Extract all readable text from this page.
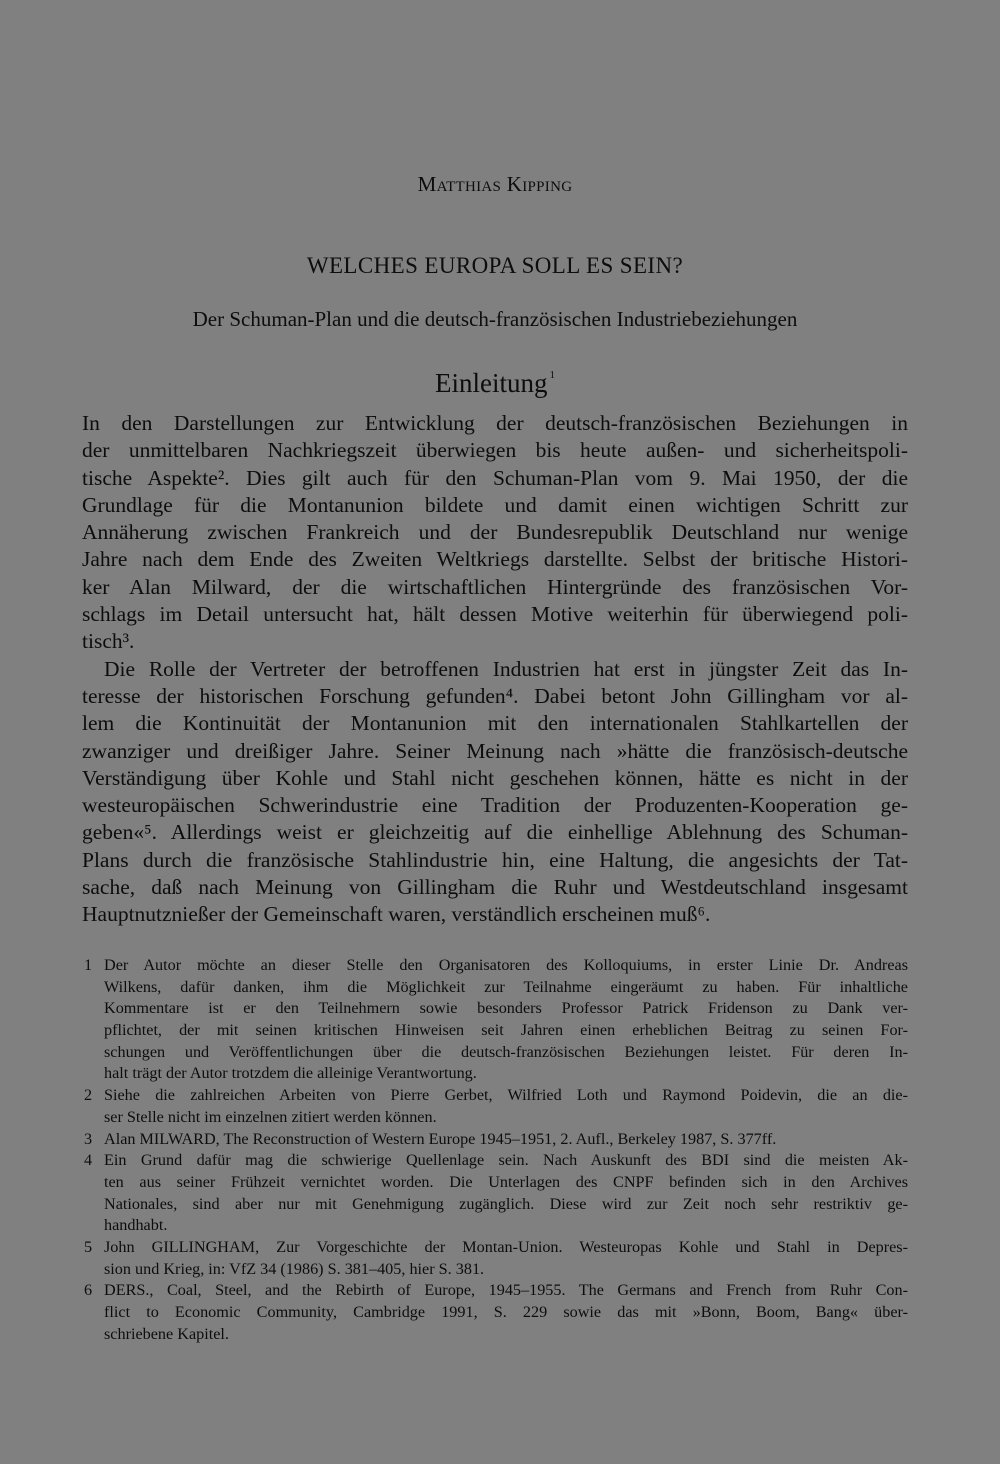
Matthias Kipping
WELCHES EUROPA SOLL ES SEIN?
Der Schuman-Plan und die deutsch-französischen Industriebeziehungen
Einleitung $^1$
In den Darstellungen zur Entwicklung der deutsch-französischen Beziehungen in
der unmittelbaren Nachkriegszeit überwiegen bis heute außen- und sicherheitspoli-
tische Aspekte². Dies gilt auch für den Schuman-Plan vom 9. Mai 1950, der die
Grundlage für die Montanunion bildete und damit einen wichtigen Schritt zur
Annäherung zwischen Frankreich und der Bundesrepublik Deutschland nur wenige
Jahre nach dem Ende des Zweiten Weltkriegs darstellte. Selbst der britische Histori-
ker Alan Milward, der die wirtschaftlichen Hintergründe des französischen Vor-
schlags im Detail untersucht hat, hält dessen Motive weiterhin für überwiegend poli-
tisch³.
Die Rolle der Vertreter der betroffenen Industrien hat erst in jüngster Zeit das In-
teresse der historischen Forschung gefunden⁴. Dabei betont John Gillingham vor al-
lem die Kontinuität der Montanunion mit den internationalen Stahlkartellen der
zwanziger und dreißiger Jahre. Seiner Meinung nach »hätte die französisch-deutsche
Verständigung über Kohle und Stahl nicht geschehen können, hätte es nicht in der
westeuropäischen Schwerindustrie eine Tradition der Produzenten-Kooperation ge-
geben«⁵. Allerdings weist er gleichzeitig auf die einhellige Ablehnung des Schuman-
Plans durch die französische Stahlindustrie hin, eine Haltung, die angesichts der Tat-
sache, daß nach Meinung von Gillingham die Ruhr und Westdeutschland insgesamt
Hauptnutznießer der Gemeinschaft waren, verständlich erscheinen muß⁶.
1 Der Autor möchte an dieser Stelle den Organisatoren des Kolloquiums, in erster Linie Dr. Andreas
Wilkens, dafür danken, ihm die Möglichkeit zur Teilnahme eingeräumt zu haben. Für inhaltliche
Kommentare ist er den Teilnehmern sowie besonders Professor Patrick Fridenson zu Dank ver-
pflichtet, der mit seinen kritischen Hinweisen seit Jahren einen erheblichen Beitrag zu seinen For-
schungen und Veröffentlichungen über die deutsch-französischen Beziehungen leistet. Für deren In-
halt trägt der Autor trotzdem die alleinige Verantwortung.
2 Siehe die zahlreichen Arbeiten von Pierre Gerbet, Wilfried Loth und Raymond Poidevin, die an die-
ser Stelle nicht im einzelnen zitiert werden können.
3 Alan MILWARD, The Reconstruction of Western Europe 1945–1951, 2. Aufl., Berkeley 1987, S. 377ff.
4 Ein Grund dafür mag die schwierige Quellenlage sein. Nach Auskunft des BDI sind die meisten Ak-
ten aus seiner Frühzeit vernichtet worden. Die Unterlagen des CNPF befinden sich in den Archives
Nationales, sind aber nur mit Genehmigung zugänglich. Diese wird zur Zeit noch sehr restriktiv ge-
handhabt.
5 John GILLINGHAM, Zur Vorgeschichte der Montan-Union. Westeuropas Kohle und Stahl in Depres-
sion und Krieg, in: VfZ 34 (1986) S. 381–405, hier S. 381.
6 DERS., Coal, Steel, and the Rebirth of Europe, 1945–1955. The Germans and French from Ruhr Con-
flict to Economic Community, Cambridge 1991, S. 229 sowie das mit »Bonn, Boom, Bang« über-
schriebene Kapitel.
